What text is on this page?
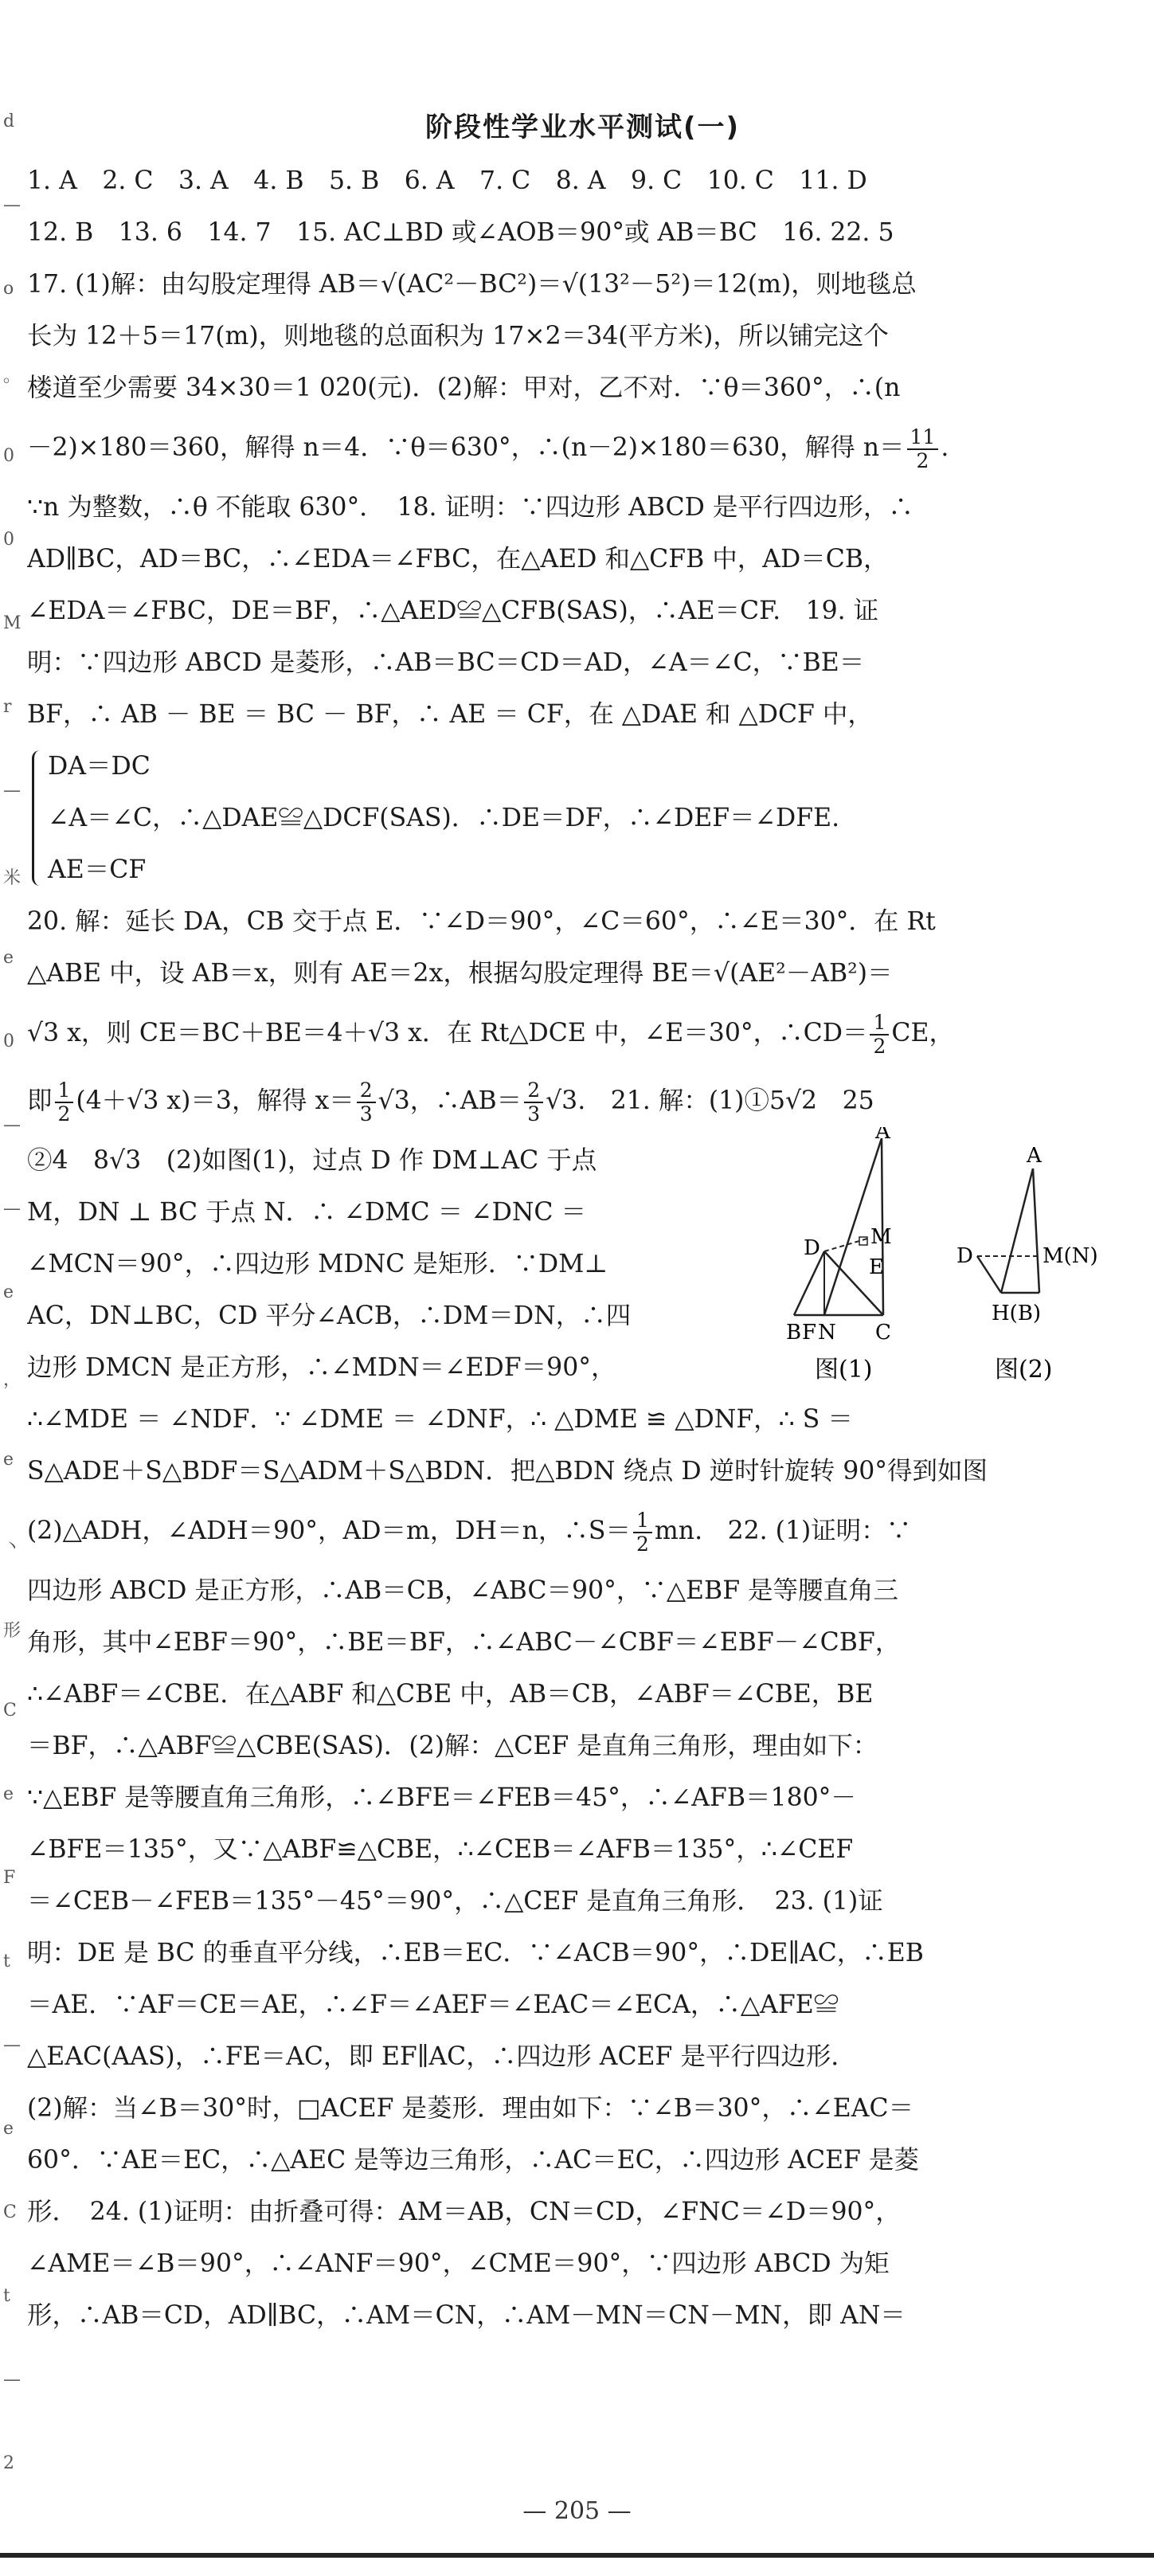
d
—
o
。
0
0
M
r
—
米
e
0
—
—
e
，
e
丶
形
C
e
F
t
—
e
C
t
—
2
阶段性学业水平测试(一)
1. A　2. C　3. A　4. B　5. B　6. A　7. C　8. A　9. C　10. C　11. D
12. B　13. 6　14. 7　15. AC⊥BD 或∠AOB＝90°或 AB＝BC　16. 22. 5
17. (1)解：由勾股定理得 AB＝√(AC²－BC²)＝√(13²－5²)＝12(m)，则地毯总
长为 12＋5＝17(m)，则地毯的总面积为 17×2＝34(平方米)，所以铺完这个
楼道至少需要 34×30＝1 020(元)．(2)解：甲对，乙不对．∵θ＝360°，∴(n
－2)×180＝360，解得 n＝4．∵θ＝630°，∴(n－2)×180＝630，解得 $n= \frac{11}{2}$ .
∵n 为整数，∴θ 不能取 630°．　18. 证明：∵四边形 ABCD 是平行四边形，∴
AD∥BC，AD＝BC，∴∠EDA＝∠FBC，在△AED 和△CFB 中，AD＝CB，
∠EDA＝∠FBC，DE＝BF，∴△AED≌△CFB(SAS)，∴AE＝CF.　19. 证
明：∵四边形 ABCD 是菱形，∴AB＝BC＝CD＝AD，∠A＝∠C，∵BE＝
BF，∴ AB － BE ＝ BC － BF，∴ AE ＝ CF，在 △DAE 和 △DCF 中，
DA＝DC
∠A＝∠C，∴△DAE≌△DCF(SAS)．∴DE＝DF，∴∠DEF＝∠DFE.
AE＝CF
20. 解：延长 DA，CB 交于点 E．∵∠D＝90°，∠C＝60°，∴∠E＝30°．在 Rt
△ABE 中，设 AB＝x，则有 AE＝2x，根据勾股定理得 BE＝√(AE²－AB²)＝
√3 x，则 CE＝BC＋BE＝4＋√3 x．在 Rt△DCE 中，∠E＝30°，∴CD＝ $\frac{1}{2}$ CE，
即 $\frac{1}{2} (4+√3$ x)＝3，解得 $x= \frac{2}{3} √3$，∴AB＝ $\frac{2}{3} √3$.　21. 解：(1)①5√2　25
②4　8√3　(2)如图(1)，过点 D 作 DM⊥AC 于点
M，DN ⊥ BC 于点 N．∴ ∠DMC ＝ ∠DNC ＝
∠MCN＝90°，∴四边形 MDNC 是矩形．∵DM⊥
AC，DN⊥BC，CD 平分∠ACB，∴DM＝DN，∴四
边形 DMCN 是正方形，∴∠MDN＝∠EDF＝90°，
A
D M
E
B F N C
图(1)
A
D	M(N)
H(B)
图(2)
∴∠MDE ＝ ∠NDF．∵ ∠DME ＝ ∠DNF，∴ △DME ≌ △DNF，∴ S ＝
S△ADE＋S△BDF＝S△ADM＋S△BDN．把△BDN 绕点 D 逆时针旋转 90°得到如图
(2)△ADH，∠ADH＝90°，AD＝m，DH＝n，∴S＝ $\frac{1}{2}$ mn.　22. (1)证明：∵
四边形 ABCD 是正方形，∴AB＝CB，∠ABC＝90°，∵△EBF 是等腰直角三
角形，其中∠EBF＝90°，∴BE＝BF，∴∠ABC－∠CBF＝∠EBF－∠CBF，
∴∠ABF＝∠CBE．在△ABF 和△CBE 中，AB＝CB，∠ABF＝∠CBE，BE
＝BF，∴△ABF≌△CBE(SAS)．(2)解：△CEF 是直角三角形，理由如下：
∵△EBF 是等腰直角三角形，∴∠BFE＝∠FEB＝45°，∴∠AFB＝180°－
∠BFE＝135°，又∵△ABF≌△CBE，∴∠CEB＝∠AFB＝135°，∴∠CEF
＝∠CEB－∠FEB＝135°－45°＝90°，∴△CEF 是直角三角形．　23. (1)证
明：DE 是 BC 的垂直平分线，∴EB＝EC．∵∠ACB＝90°，∴DE∥AC，∴EB
＝AE．∵AF＝CE＝AE，∴∠F＝∠AEF＝∠EAC＝∠ECA，∴△AFE≌
△EAC(AAS)，∴FE＝AC，即 EF∥AC，∴四边形 ACEF 是平行四边形．
(2)解：当∠B＝30°时，□ACEF 是菱形．理由如下：∵∠B＝30°，∴∠EAC＝
60°．∵AE＝EC，∴△AEC 是等边三角形，∴AC＝EC，∴四边形 ACEF 是菱
形．　24. (1)证明：由折叠可得：AM＝AB，CN＝CD，∠FNC＝∠D＝90°，
∠AME＝∠B＝90°，∴∠ANF＝90°，∠CME＝90°，∵四边形 ABCD 为矩
形，∴AB＝CD，AD∥BC，∴AM＝CN，∴AM－MN＝CN－MN，即 AN＝
— 205 —
